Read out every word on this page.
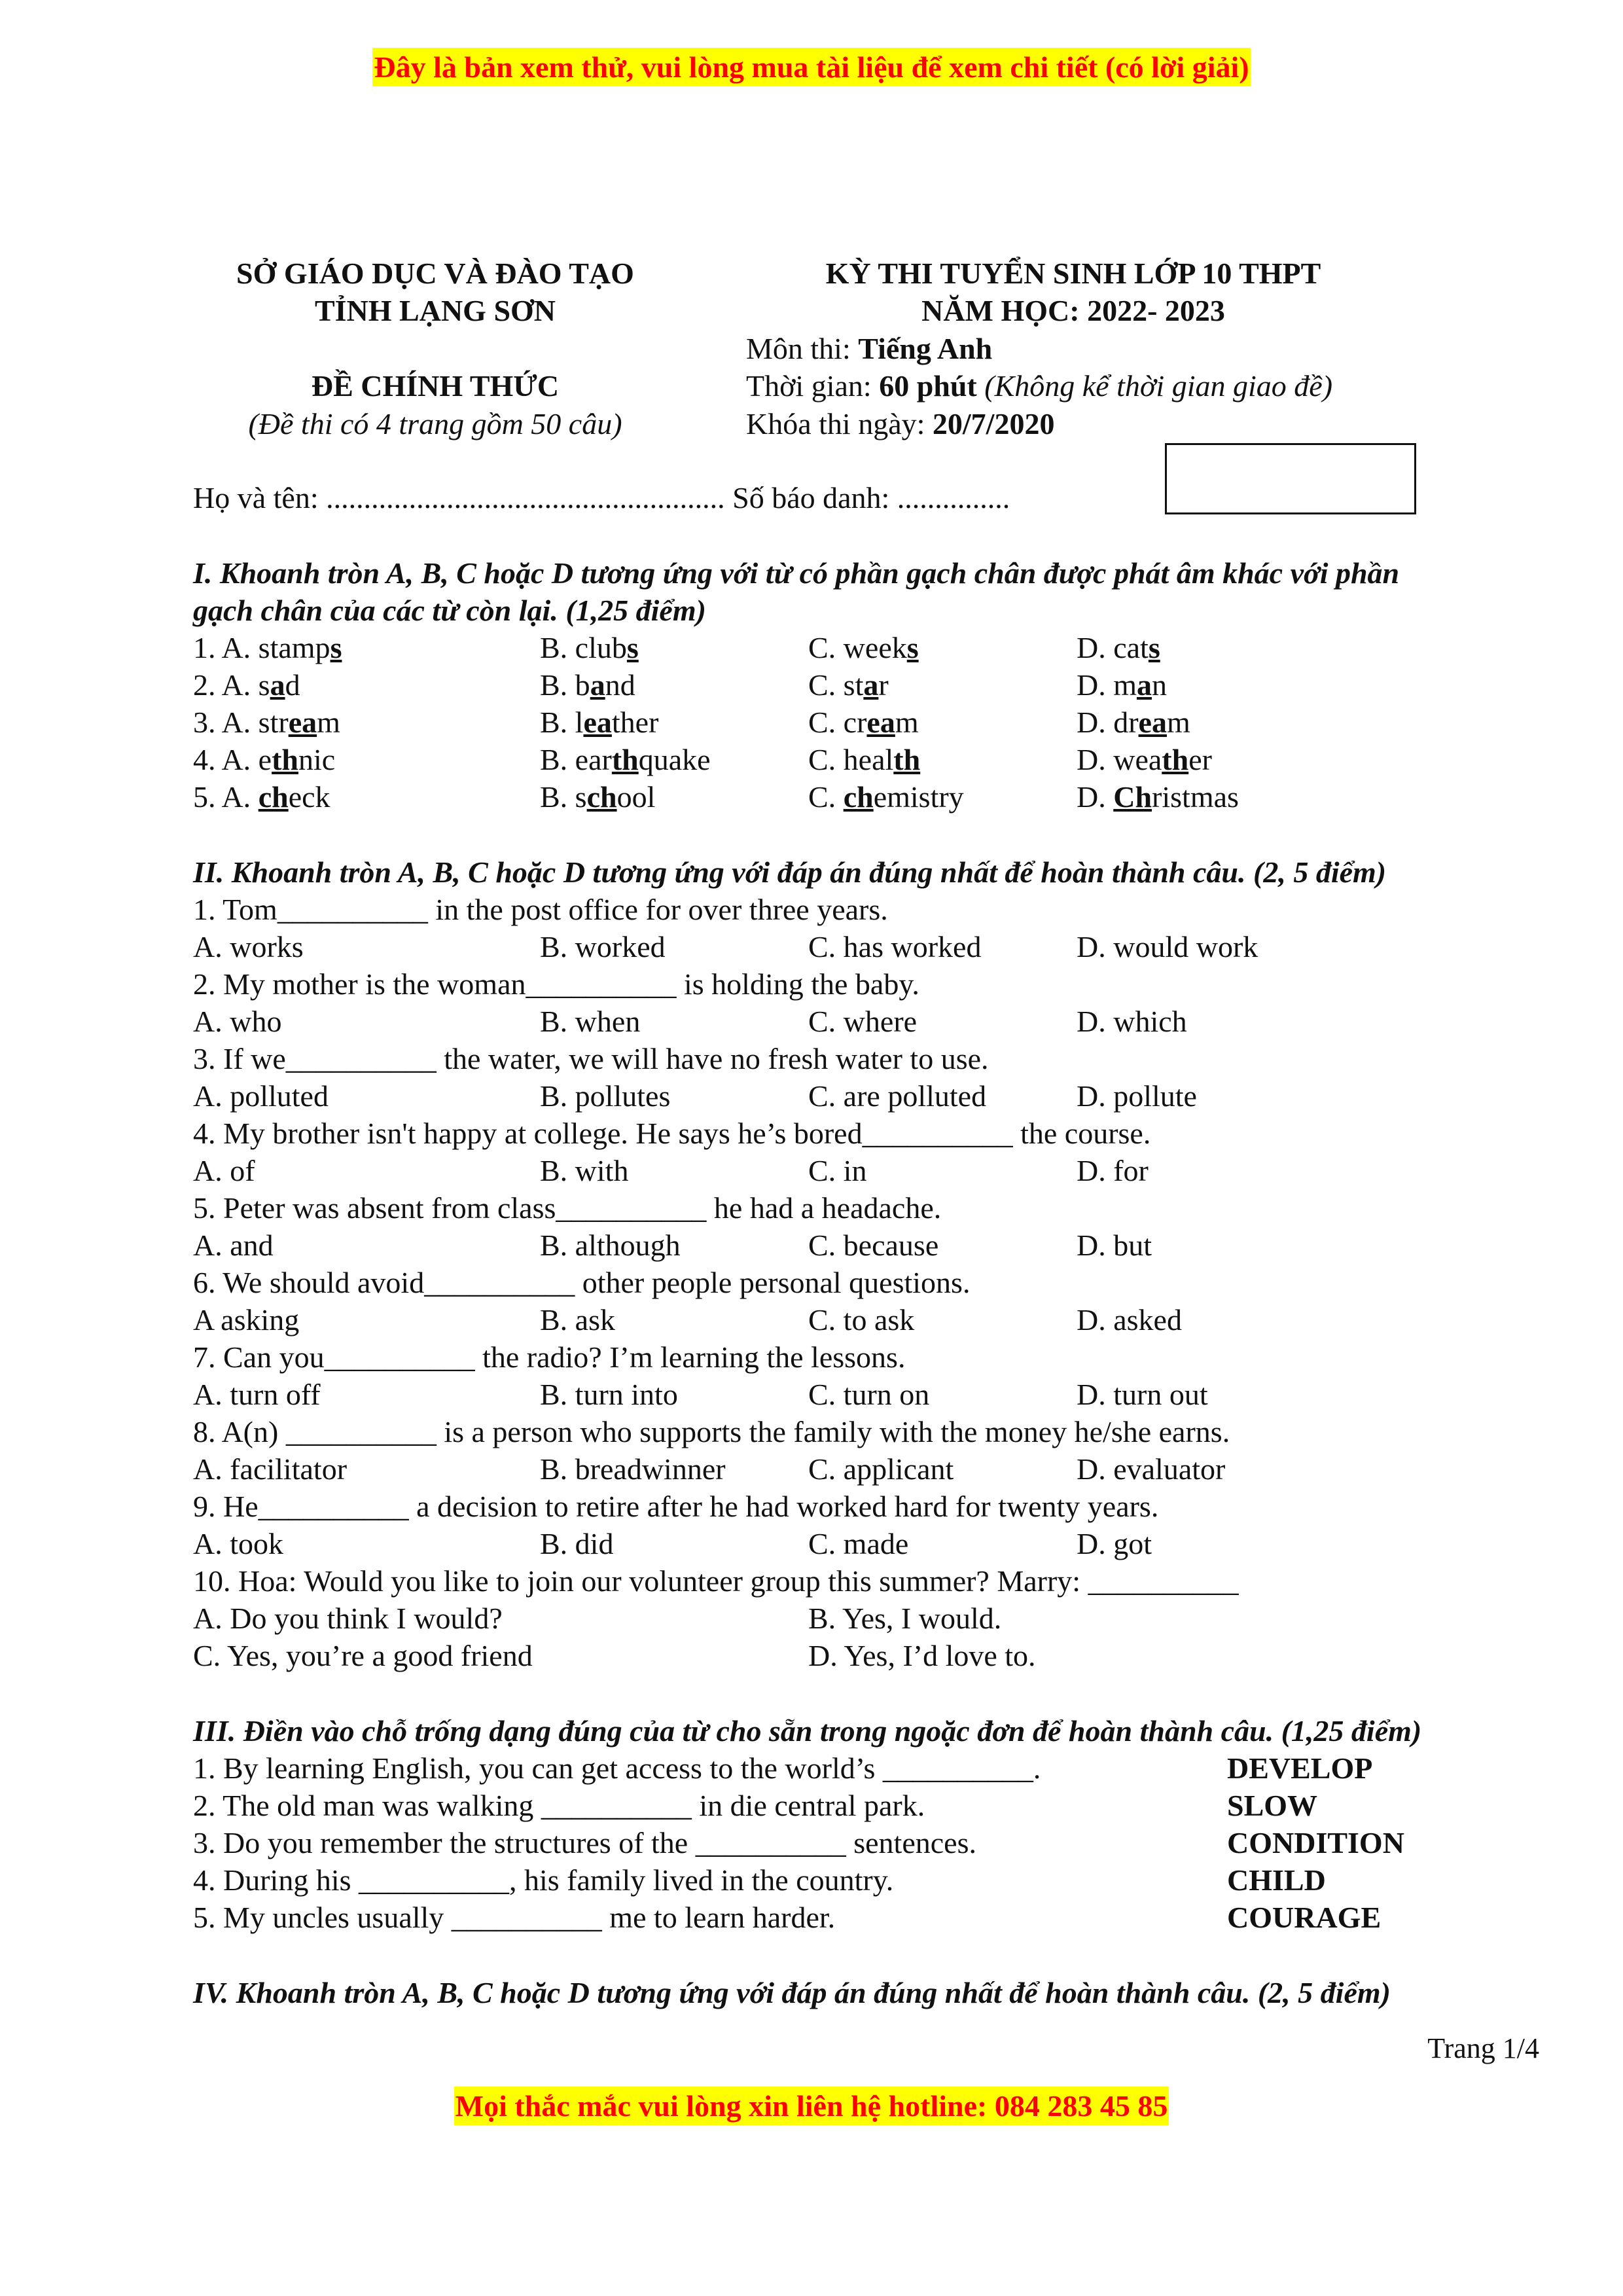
Đây là bản xem thử, vui lòng mua tài liệu để xem chi tiết (có lời giải)
SỞ GIÁO DỤC VÀ ĐÀO TẠO
TỈNH LẠNG SƠN
ĐỀ CHÍNH THỨC
(Đề thi có 4 trang gồm 50 câu)
KỲ THI TUYỂN SINH LỚP 10 THPT
NĂM HỌC: 2022- 2023
Môn thi: Tiếng Anh
Thời gian: 60 phút (Không kể thời gian giao đề)
Khóa thi ngày: 20/7/2020
Họ và tên: ..................................................... Số báo danh: ...............
I. Khoanh tròn A, B, C hoặc D tương ứng với từ có phần gạch chân được phát âm khác với phần
gạch chân của các từ còn lại. (1,25 điểm)
1. A. stamps	B. clubs	C. weeks	D. cats
2. A. sad	B. band	C. star	D. man
3. A. stream	B. leather	C. cream	D. dream
4. A. ethnic	B. earthquake	C. health	D. weather
5. A. check	B. school	C. chemistry	D. Christmas
II. Khoanh tròn A, B, C hoặc D tương ứng với đáp án đúng nhất để hoàn thành câu. (2, 5 điểm)
1. Tom__________ in the post office for over three years.
A. works	B. worked	C. has worked	D. would work
2. My mother is the woman__________ is holding the baby.
A. who	B. when	C. where	D. which
3. If we__________ the water, we will have no fresh water to use.
A. polluted	B. pollutes	C. are polluted	D. pollute
4. My brother isn't happy at college. He says he’s bored__________ the course.
A. of	B. with	C. in	D. for
5. Peter was absent from class__________ he had a headache.
A. and	B. although	C. because	D. but
6. We should avoid__________ other people personal questions.
A asking	B. ask	C. to ask	D. asked
7. Can you__________ the radio? I’m learning the lessons.
A. turn off	B. turn into	C. turn on	D. turn out
8. A(n) __________ is a person who supports the family with the money he/she earns.
A. facilitator	B. breadwinner	C. applicant	D. evaluator
9. He__________ a decision to retire after he had worked hard for twenty years.
A. took	B. did	C. made	D. got
10. Hoa: Would you like to join our volunteer group this summer? Marry: __________
A. Do you think I would?	B. Yes, I would.
C. Yes, you’re a good friend	D. Yes, I’d love to.
III. Điền vào chỗ trống dạng đúng của từ cho sẵn trong ngoặc đơn để hoàn thành câu. (1,25 điểm)
1. By learning English, you can get access to the world’s __________.	DEVELOP
2. The old man was walking __________ in die central park.	SLOW
3. Do you remember the structures of the __________ sentences.	CONDITION
4. During his __________, his family lived in the country.	CHILD
5. My uncles usually __________ me to learn harder.	COURAGE
IV. Khoanh tròn A, B, C hoặc D tương ứng với đáp án đúng nhất để hoàn thành câu. (2, 5 điểm)
Trang 1/4
Mọi thắc mắc vui lòng xin liên hệ hotline: 084 283 45 85
